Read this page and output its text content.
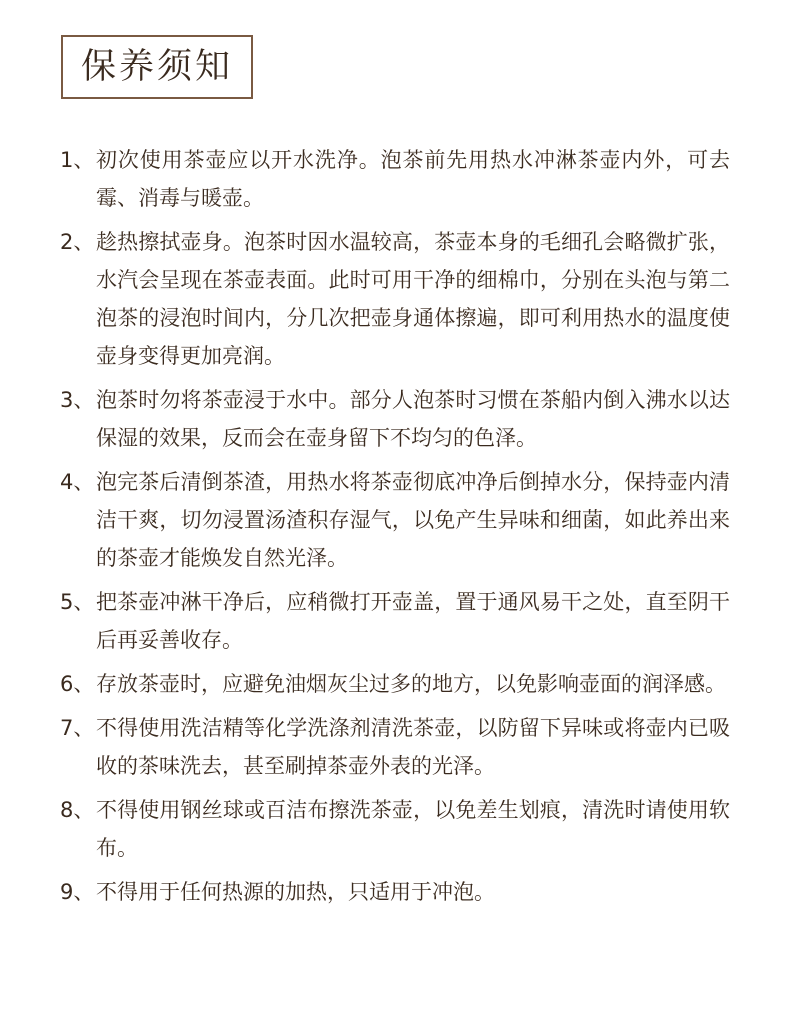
保养须知
1、 初次使用茶壶应以开水洗净。泡茶前先用热水冲淋茶壶内外，可去霉、消毒与暖壶。
2、 趁热擦拭壶身。泡茶时因水温较高，茶壶本身的毛细孔会略微扩张，水汽会呈现在茶壶表面。此时可用干净的细棉巾，分别在头泡与第二泡茶的浸泡时间内，分几次把壶身通体擦遍，即可利用热水的温度使壶身变得更加亮润。
3、 泡茶时勿将茶壶浸于水中。部分人泡茶时习惯在茶船内倒入沸水以达保湿的效果，反而会在壶身留下不均匀的色泽。
4、 泡完茶后清倒茶渣，用热水将茶壶彻底冲净后倒掉水分，保持壶内清洁干爽，切勿浸置汤渣积存湿气，以免产生异味和细菌，如此养出来的茶壶才能焕发自然光泽。
5、 把茶壶冲淋干净后，应稍微打开壶盖，置于通风易干之处，直至阴干后再妥善收存。
6、 存放茶壶时，应避免油烟灰尘过多的地方，以免影响壶面的润泽感。
7、 不得使用洗洁精等化学洗涤剂清洗茶壶，以防留下异味或将壶内已吸收的茶味洗去，甚至刷掉茶壶外表的光泽。
8、 不得使用钢丝球或百洁布擦洗茶壶，以免差生划痕，清洗时请使用软布。
9、 不得用于任何热源的加热，只适用于冲泡。
